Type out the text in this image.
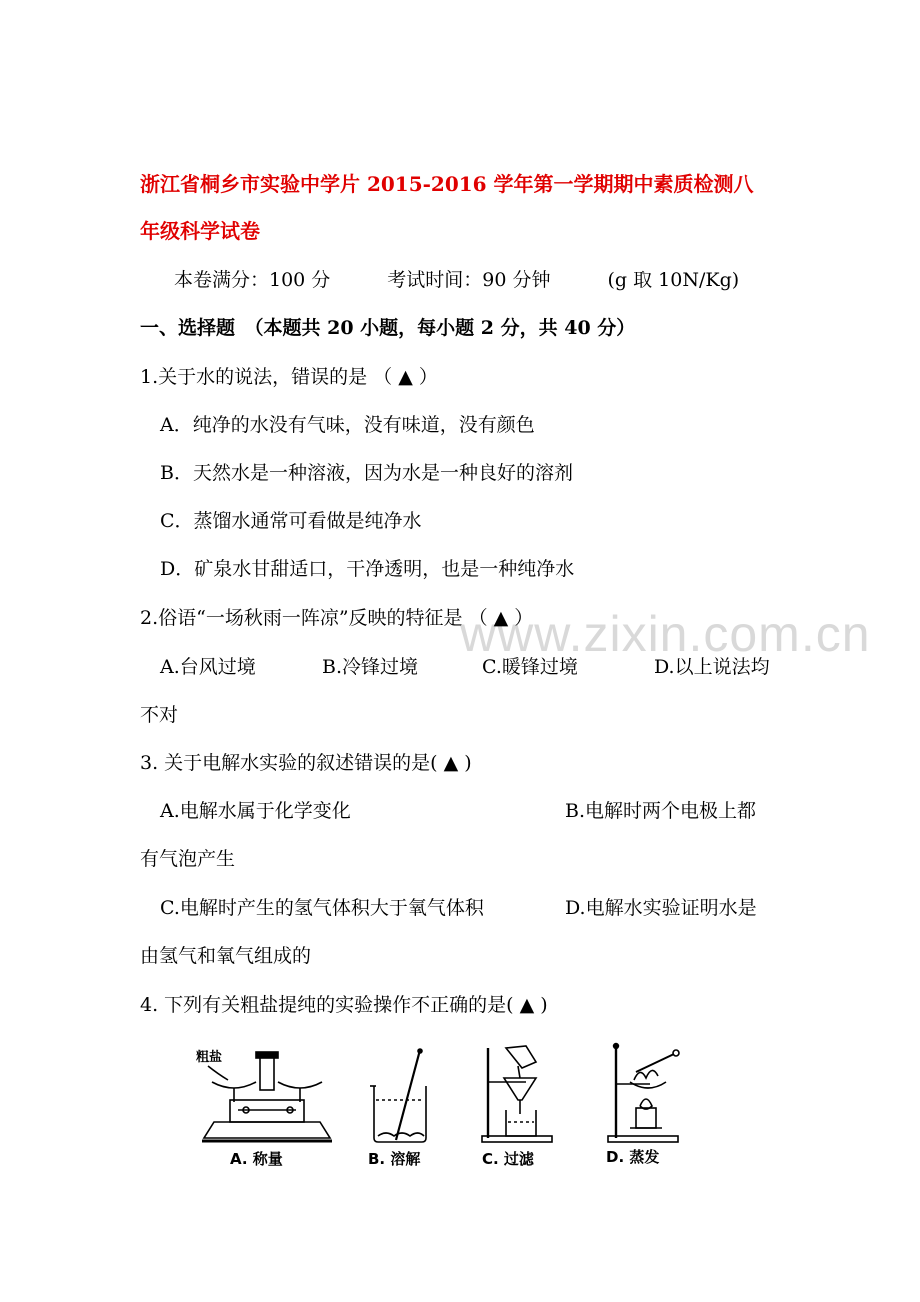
www.zixin.com.cn
浙江省桐乡市实验中学片 2015-2016 学年第一学期期中素质检测八
年级科学试卷
本卷满分：100 分　　　考试时间：90 分钟　　　(g 取 10N/Kg)
一、选择题　（本题共 20 小题，每小题 2 分，共 40 分）
1.关于水的说法，错误的是 （ ▲ ）
A．纯净的水没有气味，没有味道，没有颜色
B．天然水是一种溶液，因为水是一种良好的溶剂
C．蒸馏水通常可看做是纯净水
D．矿泉水甘甜适口，干净透明，也是一种纯净水
2.俗语“一场秋雨一阵凉”反映的特征是 （ ▲ ）
A.台风过境	B.冷锋过境	C.暖锋过境	D.以上说法均
不对
3. 关于电解水实验的叙述错误的是( ▲ )
A.电解水属于化学变化	B.电解时两个电极上都
有气泡产生
C.电解时产生的氢气体积大于氧气体积	D.电解水实验证明水是
由氢气和氧气组成的
4. 下列有关粗盐提纯的实验操作不正确的是( ▲ )
粗盐
A. 称量	B. 溶解	C. 过滤	D. 蒸发
